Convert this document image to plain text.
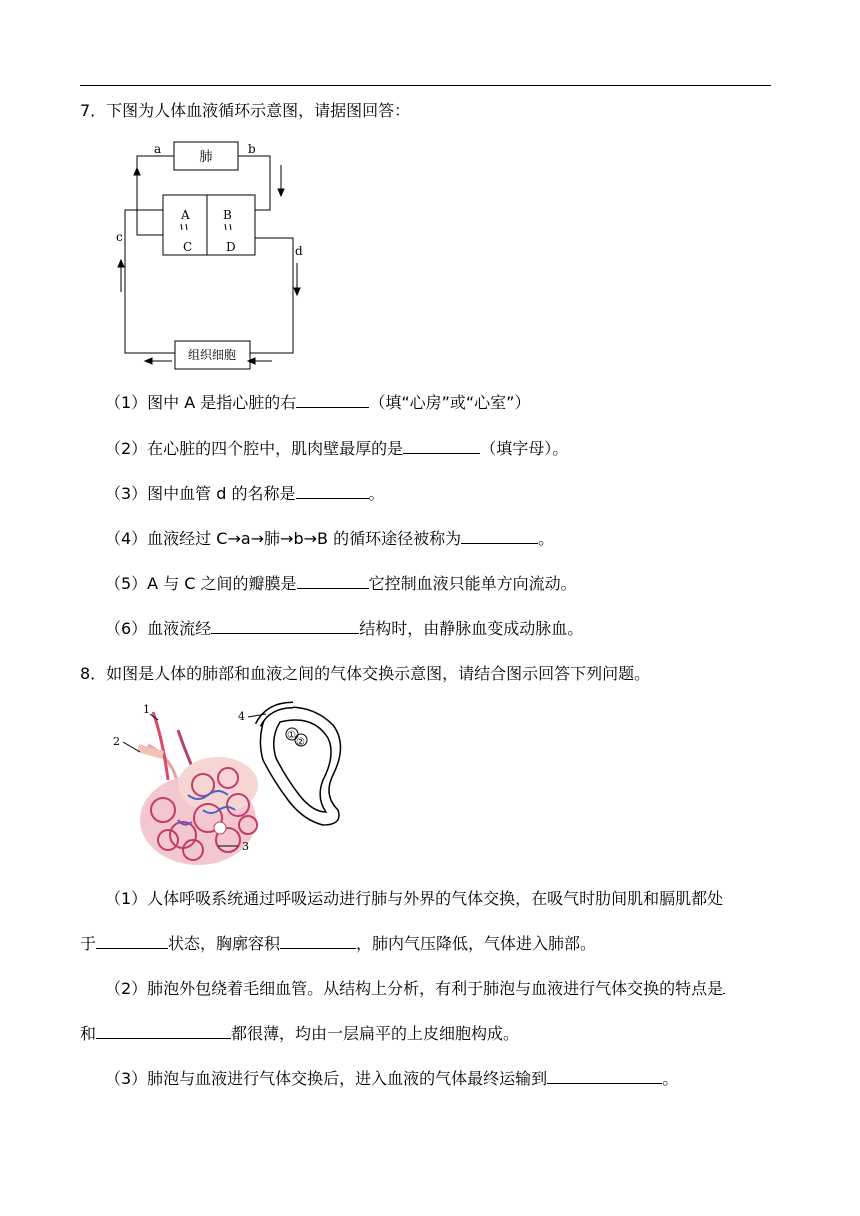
7．下图为人体血液循环示意图，请据图回答：
肺
组织细胞
a	b
c
d
A	B
C	D
（1）图中 A 是指心脏的右	（填“心房”或“心室”）
（2）在心脏的四个腔中，肌肉壁最厚的是	（填字母）。
（3）图中血管 d 的名称是	。
（4）血液经过 C→a→肺→b→B 的循环途径被称为	。
（5）A 与 C 之间的瓣膜是	它控制血液只能单方向流动。
（6）血液流经	结构时，由静脉血变成动脉血。
8．如图是人体的肺部和血液之间的气体交换示意图，请结合图示回答下列问题。
1
2
3
4
①
②
（1）人体呼吸系统通过呼吸运动进行肺与外界的气体交换，在吸气时肋间肌和膈肌都处
于	状态，胸廓容积	，肺内气压降低，气体进入肺部。
（2）肺泡外包绕着毛细血管。从结构上分析，有利于肺泡与血液进行气体交换的特点是
和	都很薄，均由一层扁平的上皮细胞构成。
（3）肺泡与血液进行气体交换后，进入血液的气体最终运输到	。
